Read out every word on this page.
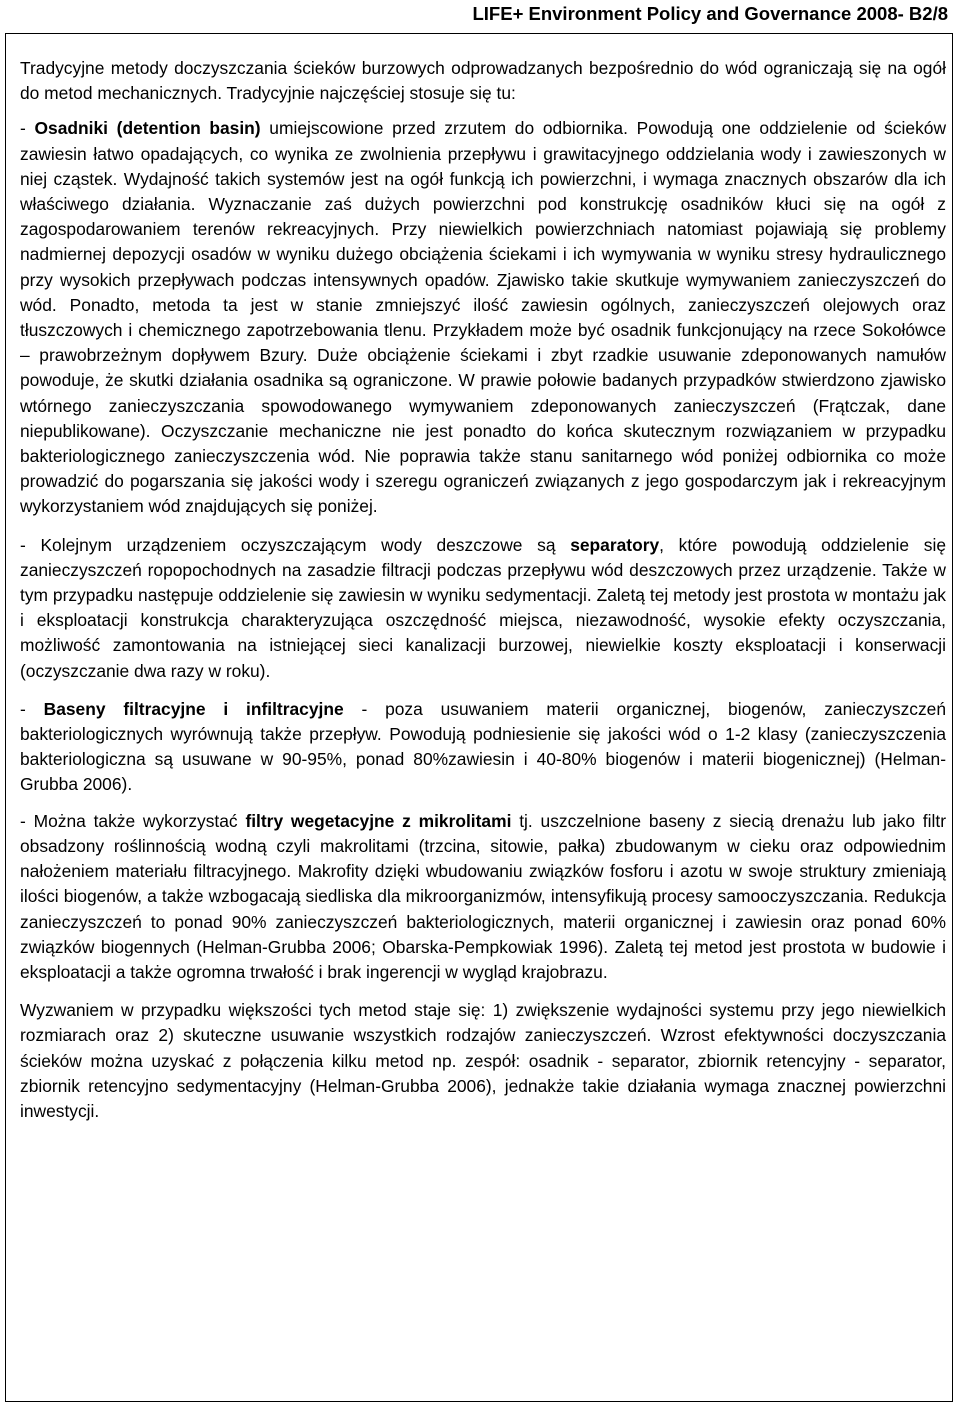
LIFE+ Environment Policy and Governance 2008- B2/8

Tradycyjne metody doczyszczania ścieków burzowych odprowadzanych bezpośrednio do wód ograniczają się na ogół do metod mechanicznych. Tradycyjnie najczęściej stosuje się tu:

- Osadniki (detention basin) umiejscowione przed zrzutem do odbiornika. Powodują one oddzielenie od ścieków zawiesin łatwo opadających, co wynika ze zwolnienia przepływu i grawitacyjnego oddzielania wody i zawieszonych w niej cząstek. Wydajność takich systemów jest na ogół funkcją ich powierzchni, i wymaga znacznych obszarów dla ich właściwego działania. Wyznaczanie zaś dużych powierzchni pod konstrukcję osadników kłuci się na ogół z zagospodarowaniem terenów rekreacyjnych. Przy niewielkich powierzchniach natomiast pojawiają się problemy nadmiernej depozycji osadów w wyniku dużego obciążenia ściekami i ich wymywania w wyniku stresy hydraulicznego przy wysokich przepływach podczas intensywnych opadów. Zjawisko takie skutkuje wymywaniem zanieczyszczeń do wód. Ponadto, metoda ta jest w stanie zmniejszyć ilość zawiesin ogólnych, zanieczyszczeń olejowych oraz tłuszczowych i chemicznego zapotrzebowania tlenu. Przykładem może być osadnik funkcjonujący na rzece Sokołówce – prawobrzeżnym dopływem Bzury. Duże obciążenie ściekami i zbyt rzadkie usuwanie zdeponowanych namułów powoduje, że skutki działania osadnika są ograniczone. W prawie połowie badanych przypadków stwierdzono zjawisko wtórnego zanieczyszczania spowodowanego wymywaniem zdeponowanych zanieczyszczeń (Frątczak, dane niepublikowane). Oczyszczanie mechaniczne nie jest ponadto do końca skutecznym rozwiązaniem w przypadku bakteriologicznego zanieczyszczenia wód. Nie poprawia także stanu sanitarnego wód poniżej odbiornika co może prowadzić do pogarszania się jakości wody i szeregu ograniczeń związanych z jego gospodarczym jak i rekreacyjnym wykorzystaniem wód znajdujących się poniżej.

- Kolejnym urządzeniem oczyszczającym wody deszczowe są separatory, które powodują oddzielenie się zanieczyszczeń ropopochodnych na zasadzie filtracji podczas przepływu wód deszczowych przez urządzenie. Także w tym przypadku następuje oddzielenie się zawiesin w wyniku sedymentacji. Zaletą tej metody jest prostota w montażu jak i eksploatacji konstrukcja charakteryzująca oszczędność miejsca, niezawodność, wysokie efekty oczyszczania, możliwość zamontowania na istniejącej sieci kanalizacji burzowej, niewielkie koszty eksploatacji i konserwacji (oczyszczanie dwa razy w roku).

- Baseny filtracyjne i infiltracyjne - poza usuwaniem materii organicznej, biogenów, zanieczyszczeń bakteriologicznych wyrównują także przepływ. Powodują podniesienie się jakości wód o 1-2 klasy (zanieczyszczenia bakteriologiczna są usuwane w 90-95%, ponad 80%zawiesin i 40-80% biogenów i materii biogenicznej) (Helman-Grubba 2006).

- Można także wykorzystać filtry wegetacyjne z mikrolitami tj. uszczelnione baseny z siecią drenażu lub jako filtr obsadzony roślinnością wodną czyli makrolitami (trzcina, sitowie, pałka) zbudowanym w cieku oraz odpowiednim nałożeniem materiału filtracyjnego. Makrofity dzięki wbudowaniu związków fosforu i azotu w swoje struktury zmieniają ilości biogenów, a także wzbogacają siedliska dla mikroorganizmów, intensyfikują procesy samooczyszczania. Redukcja zanieczyszczeń to ponad 90% zanieczyszczeń bakteriologicznych, materii organicznej i zawiesin oraz ponad 60% związków biogennych (Helman-Grubba 2006; Obarska-Pempkowiak 1996). Zaletą tej metod jest prostota w budowie i eksploatacji a także ogromna trwałość i brak ingerencji w wygląd krajobrazu.

Wyzwaniem w przypadku większości tych metod staje się: 1) zwiększenie wydajności systemu przy jego niewielkich rozmiarach oraz 2) skuteczne usuwanie wszystkich rodzajów zanieczyszczeń. Wzrost efektywności doczyszczania ścieków można uzyskać z połączenia kilku metod np. zespół: osadnik - separator, zbiornik retencyjny - separator, zbiornik retencyjno sedymentacyjny (Helman-Grubba 2006), jednakże takie działania wymaga znacznej powierzchni inwestycji.
